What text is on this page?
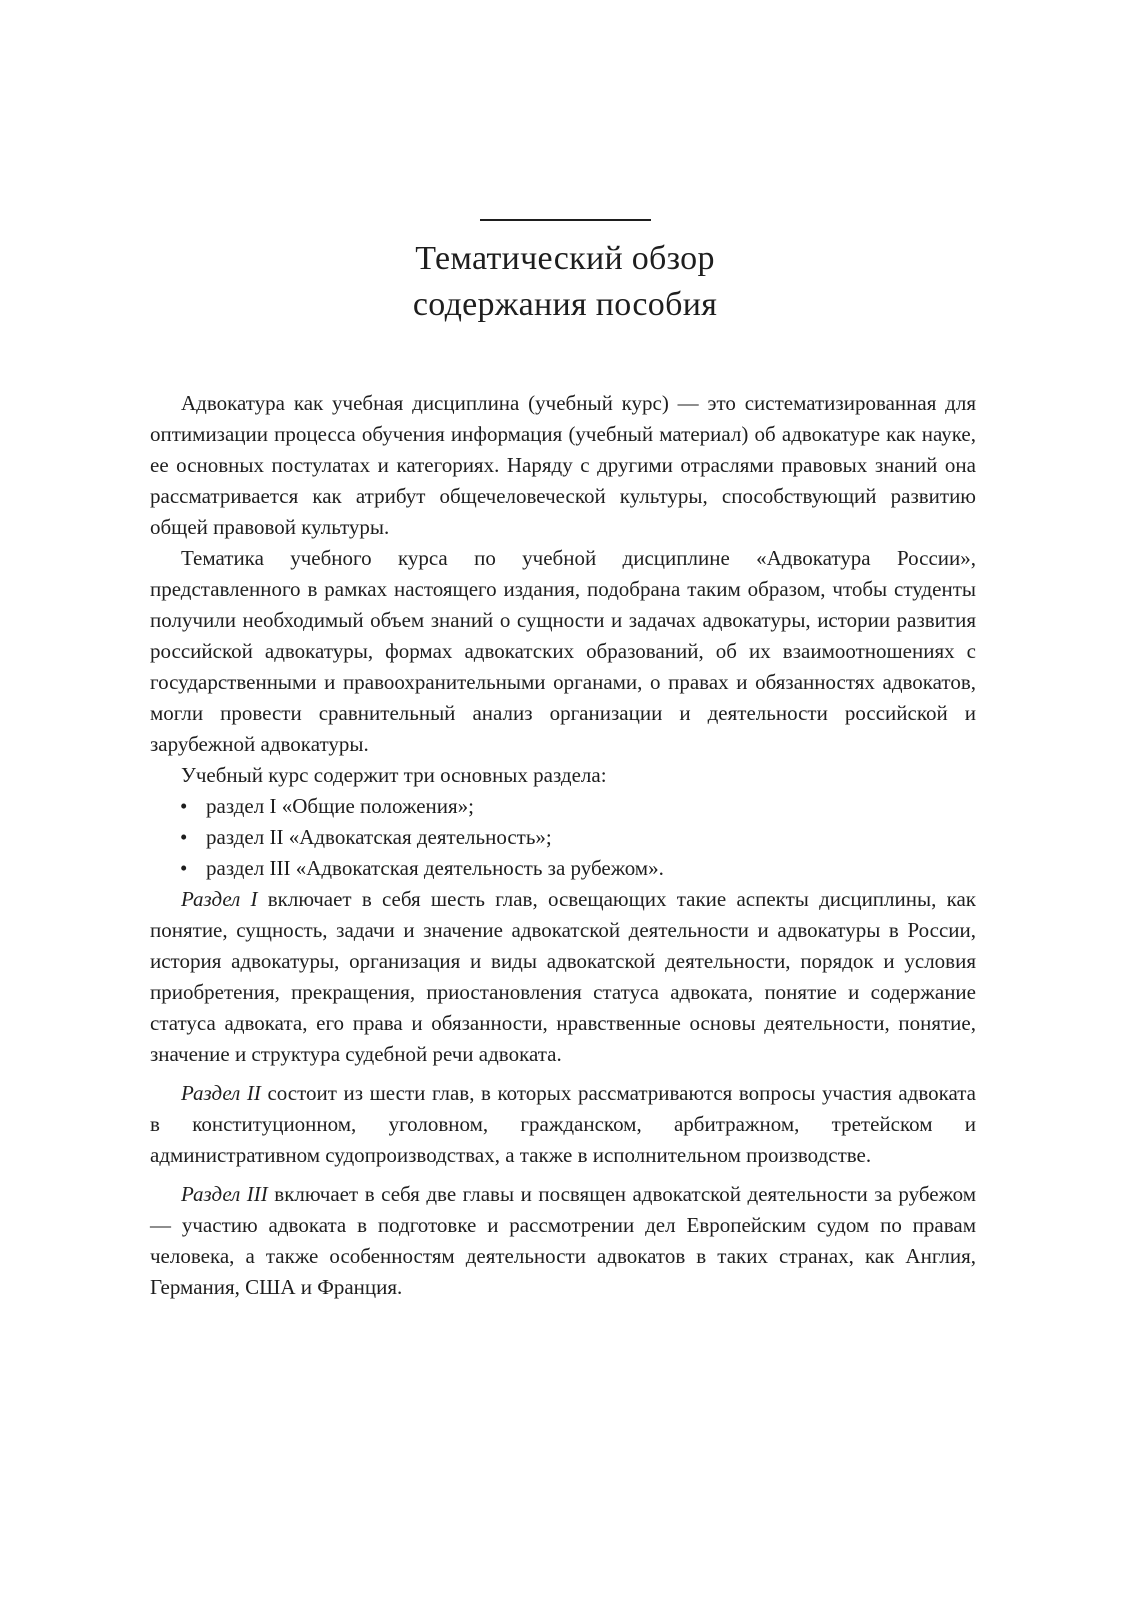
Тематический обзор
содержания пособия

Адвокатура как учебная дисциплина (учебный курс) — это систематизированная для оптимизации процесса обучения информация (учебный материал) об адвокатуре как науке, ее основных постулатах и категориях. Наряду с другими отраслями правовых знаний она рассматривается как атрибут общечеловеческой культуры, способствующий развитию общей правовой культуры.

Тематика учебного курса по учебной дисциплине «Адвокатура России», представленного в рамках настоящего издания, подобрана таким образом, чтобы студенты получили необходимый объем знаний о сущности и задачах адвокатуры, истории развития российской адвокатуры, формах адвокатских образований, об их взаимоотношениях с государственными и правоохранительными органами, о правах и обязанностях адвокатов, могли провести сравнительный анализ организации и деятельности российской и зарубежной адвокатуры.

Учебный курс содержит три основных раздела:

• раздел I «Общие положения»;
• раздел II «Адвокатская деятельность»;
• раздел III «Адвокатская деятельность за рубежом».

Раздел I включает в себя шесть глав, освещающих такие аспекты дисциплины, как понятие, сущность, задачи и значение адвокатской деятельности и адвокатуры в России, история адвокатуры, организация и виды адвокатской деятельности, порядок и условия приобретения, прекращения, приостановления статуса адвоката, понятие и содержание статуса адвоката, его права и обязанности, нравственные основы деятельности, понятие, значение и структура судебной речи адвоката.

Раздел II состоит из шести глав, в которых рассматриваются вопросы участия адвоката в конституционном, уголовном, гражданском, арбитражном, третейском и административном судопроизводствах, а также в исполнительном производстве.

Раздел III включает в себя две главы и посвящен адвокатской деятельности за рубежом — участию адвоката в подготовке и рассмотрении дел Европейским судом по правам человека, а также особенностям деятельности адвокатов в таких странах, как Англия, Германия, США и Франция.
